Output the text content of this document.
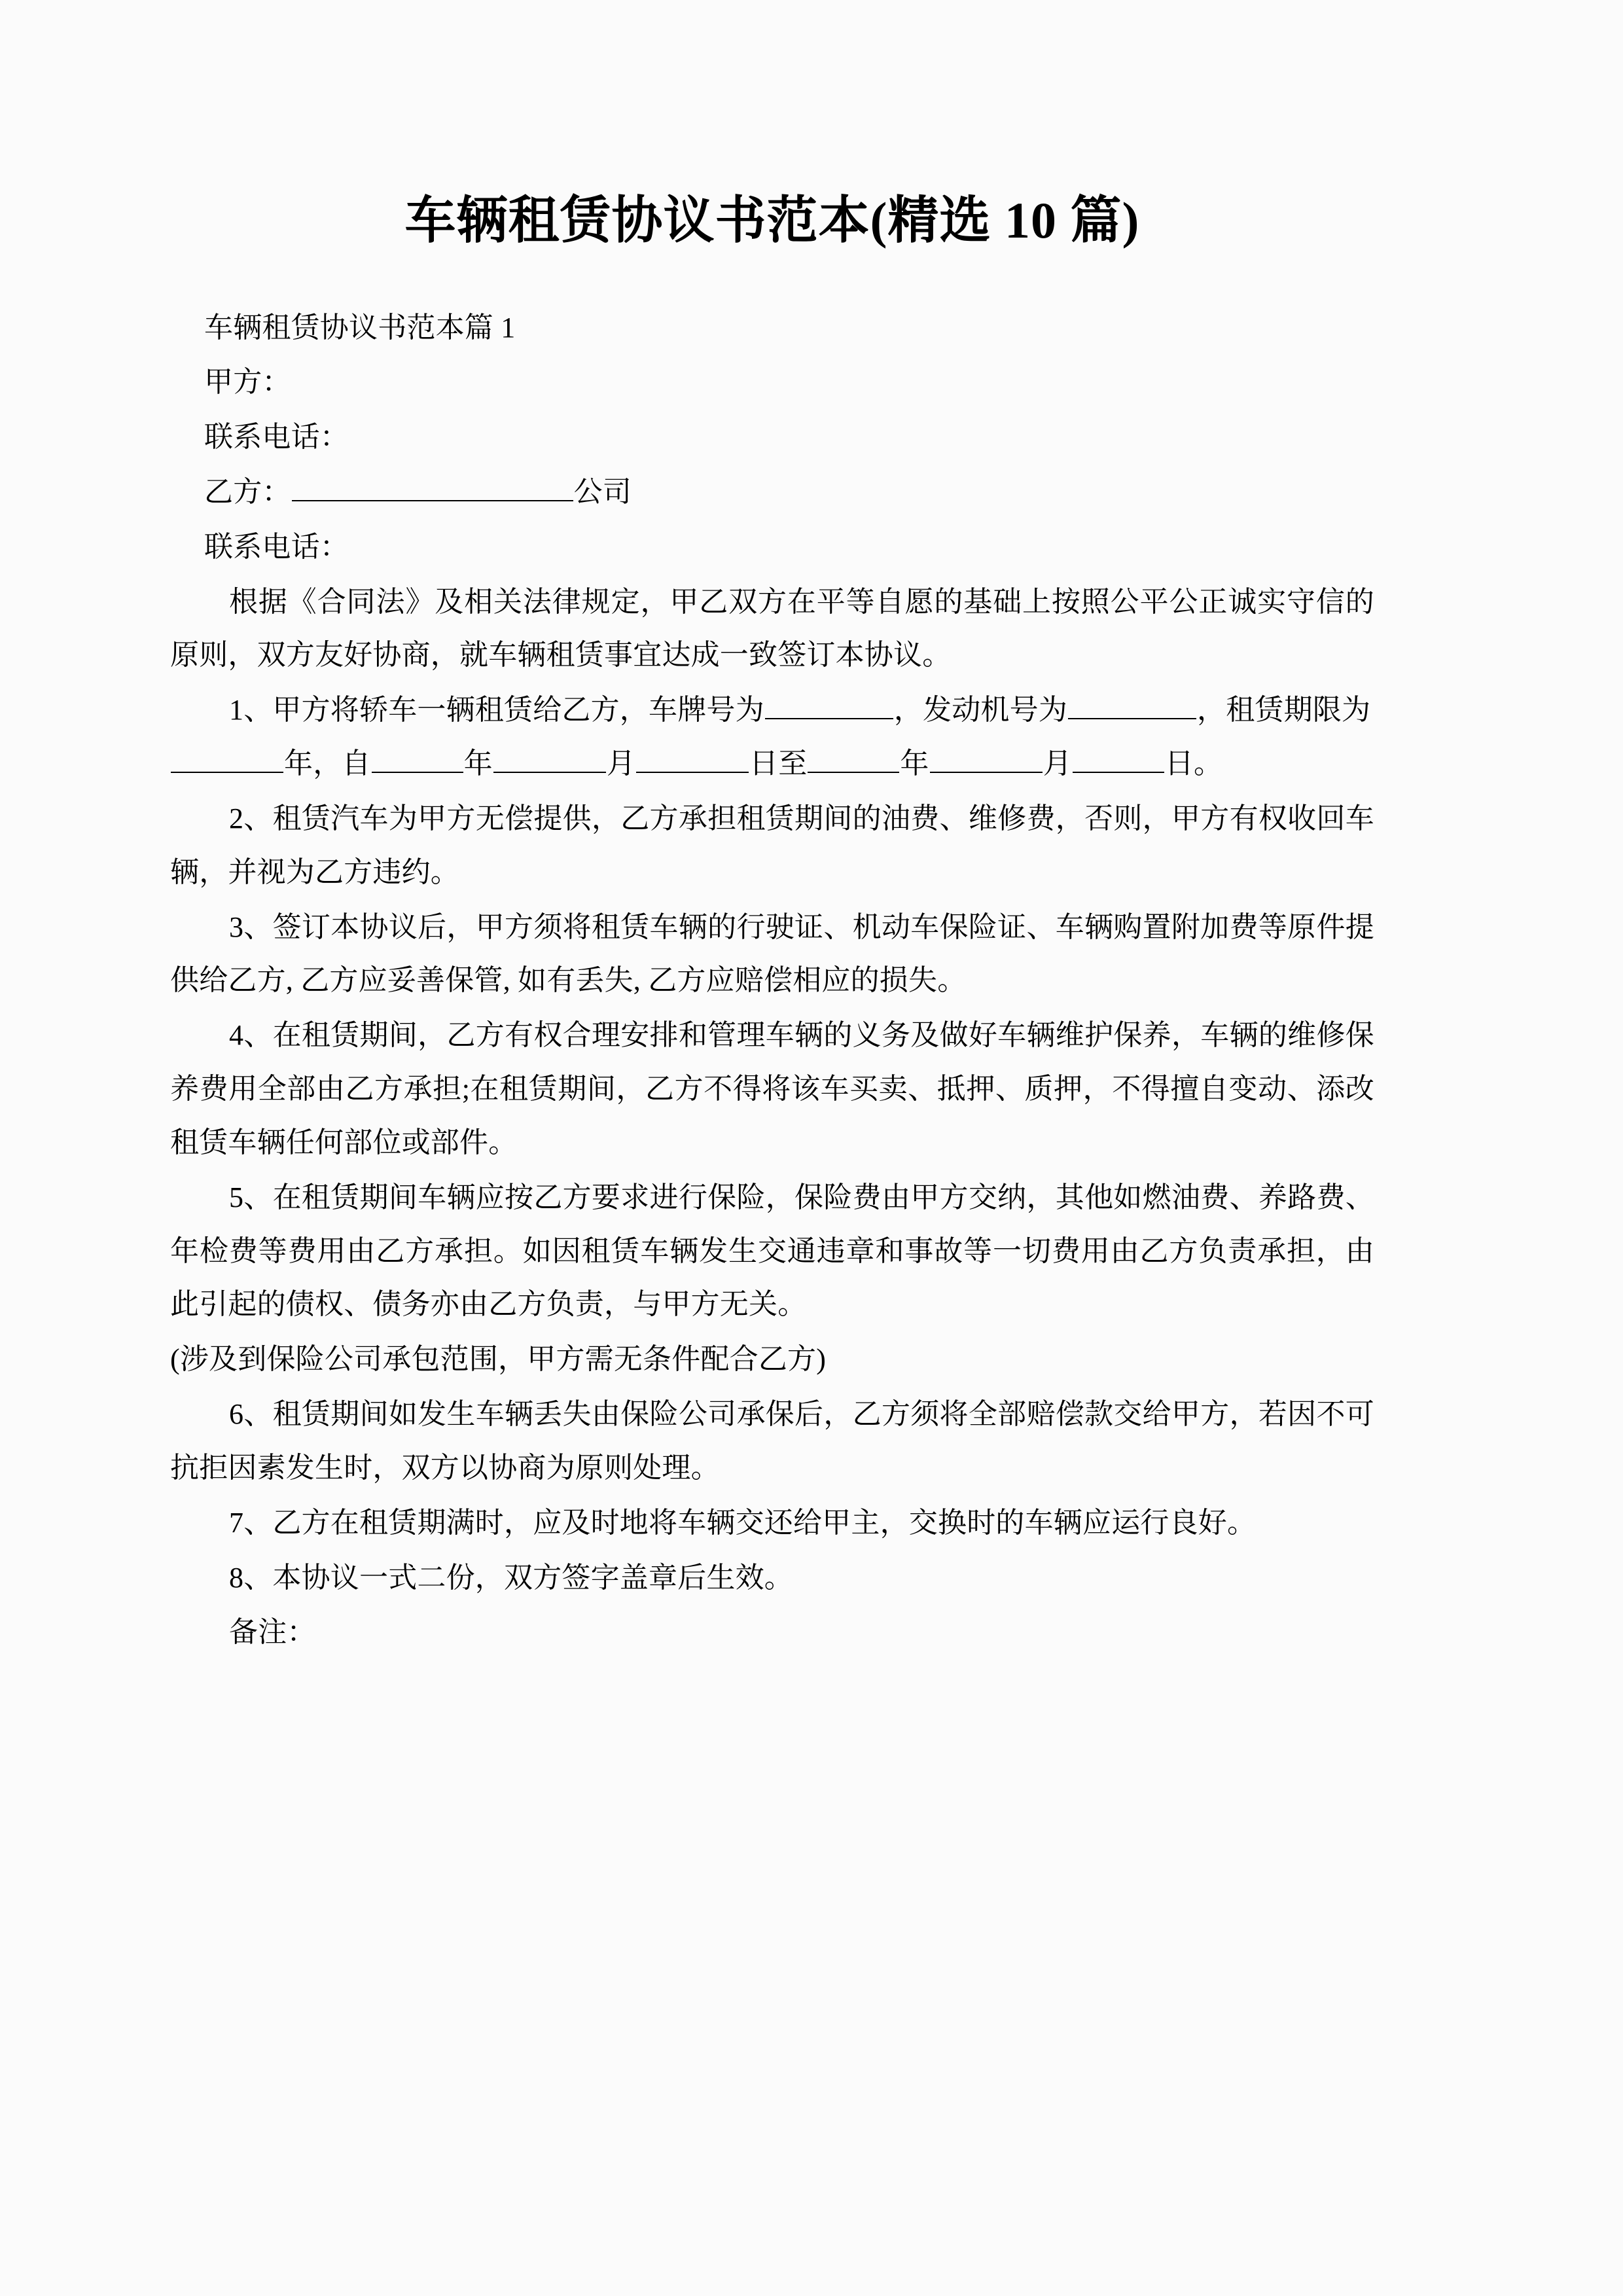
车辆租赁协议书范本(精选 10 篇)

车辆租赁协议书范本篇 1

甲方：

联系电话：

乙方：	公司

联系电话：

根据《合同法》及相关法律规定，甲乙双方在平等自愿的基础上按照公平公正诚实守信的原则，双方友好协商，就车辆租赁事宜达成一致签订本协议。

1、甲方将轿车一辆租赁给乙方，车牌号为	，发动机号为	，租赁期限为年，自	年	月	日至	年	月	日。

2、租赁汽车为甲方无偿提供，乙方承担租赁期间的油费、维修费，否则，甲方有权收回车辆，并视为乙方违约。

3、签订本协议后，甲方须将租赁车辆的行驶证、机动车保险证、车辆购置附加费等原件提供给乙方, 乙方应妥善保管, 如有丢失, 乙方应赔偿相应的损失。

4、在租赁期间，乙方有权合理安排和管理车辆的义务及做好车辆维护保养，车辆的维修保养费用全部由乙方承担;在租赁期间，乙方不得将该车买卖、抵押、质押，不得擅自变动、添改租赁车辆任何部位或部件。

5、在租赁期间车辆应按乙方要求进行保险，保险费由甲方交纳，其他如燃油费、养路费、年检费等费用由乙方承担。如因租赁车辆发生交通违章和事故等一切费用由乙方负责承担，由此引起的债权、债务亦由乙方负责，与甲方无关。

(涉及到保险公司承包范围，甲方需无条件配合乙方)

6、租赁期间如发生车辆丢失由保险公司承保后，乙方须将全部赔偿款交给甲方，若因不可抗拒因素发生时，双方以协商为原则处理。

7、乙方在租赁期满时，应及时地将车辆交还给甲主，交换时的车辆应运行良好。

8、本协议一式二份，双方签字盖章后生效。

备注：
